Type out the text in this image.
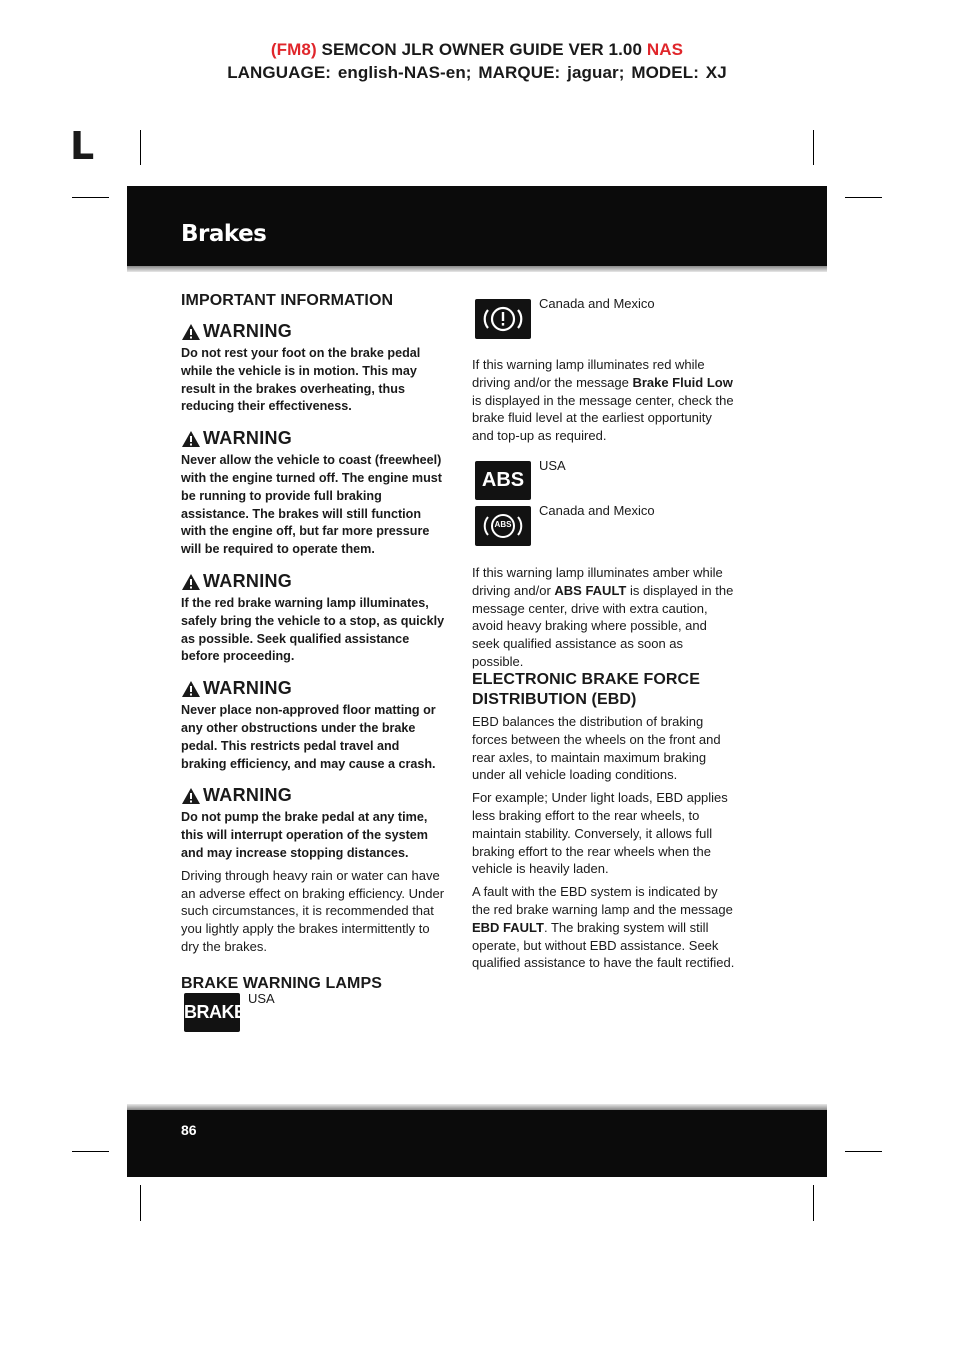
(FM8) SEMCON JLR OWNER GUIDE VER 1.00 NAS
LANGUAGE: english-NAS-en; MARQUE: jaguar; MODEL: XJ
L
Brakes
86
IMPORTANT INFORMATION
WARNING

Do not rest your foot on the brake pedal while the vehicle is in motion. This may result in the brakes overheating, thus reducing their effectiveness.

WARNING

Never allow the vehicle to coast (freewheel) with the engine turned off. The engine must be running to provide full braking assistance. The brakes will still function with the engine off, but far more pressure will be required to operate them.

WARNING

If the red brake warning lamp illuminates, safely bring the vehicle to a stop, as quickly as possible. Seek qualified assistance before proceeding.

WARNING

Never place non-approved floor matting or any other obstructions under the brake pedal. This restricts pedal travel and braking efficiency, and may cause a crash.

WARNING

Do not pump the brake pedal at any time, this will interrupt operation of the system and may increase stopping distances.

Driving through heavy rain or water can have an adverse effect on braking efficiency. Under such circumstances, it is recommended that you lightly apply the brakes intermittently to dry the brakes.

BRAKE WARNING LAMPS
BRAKE
USA
Canada and Mexico

If this warning lamp illuminates red while driving and/or the message Brake Fluid Low is displayed in the message center, check the brake fluid level at the earliest opportunity and top-up as required.

ABS
USA
ABS
Canada and Mexico

If this warning lamp illuminates amber while driving and/or ABS FAULT is displayed in the message center, drive with extra caution, avoid heavy braking where possible, and seek qualified assistance as soon as possible.

ELECTRONIC BRAKE FORCE DISTRIBUTION (EBD)

EBD balances the distribution of braking forces between the wheels on the front and rear axles, to maintain maximum braking under all vehicle loading conditions.

For example; Under light loads, EBD applies less braking effort to the rear wheels, to maintain stability. Conversely, it allows full braking effort to the rear wheels when the vehicle is heavily laden.

A fault with the EBD system is indicated by the red brake warning lamp and the message EBD FAULT. The braking system will still operate, but without EBD assistance. Seek qualified assistance to have the fault rectified.
